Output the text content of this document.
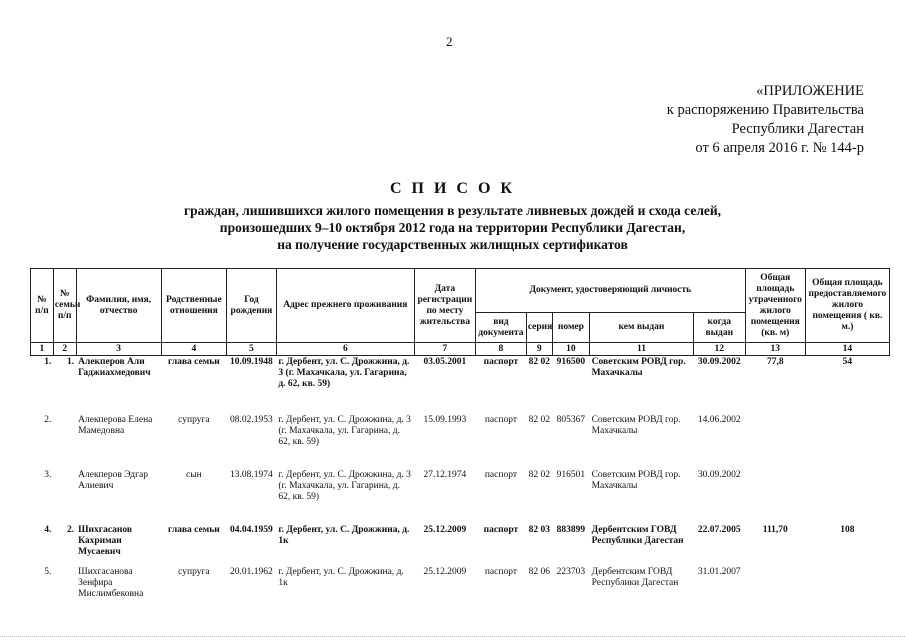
2
«ПРИЛОЖЕНИЕ
к распоряжению Правительства
Республики Дагестан
от 6 апреля 2016 г. № 144-р
С П И С О К
граждан, лишившихся жилого помещения в результате ливневых дождей и схода селей,
произошедших 9–10 октября 2012 года на территории Республики Дагестан,
на получение государственных жилищных сертификатов
№ п/п	№ семьи п/п	Фамилия, имя, отчество	Родственные отношения	Год рождения	Адрес прежнего проживания	Дата регистрации по месту жительства	Документ, удостоверяющий личность					Общая площадь утраченного жилого помещения (кв. м)	Общая площадь предоставляемого жилого помещения ( кв. м.)
							вид документа	серия	номер	кем выдан	когда выдан		
1	2	3	4	5	6	7	8	9	10	11	12	13	14
1.	1.	Алекперов Али Гаджиахмедович	глава семьи	10.09.1948	г. Дербент, ул. С. Дрожжина, д. 3 (г. Махачкала, ул. Гагарина, д. 62, кв. 59)	03.05.2001	паспорт	82 02	916500	Советским РОВД гор. Махачкалы	30.09.2002	77,8	54
2.		Алекперова Елена Мамедовна	супруга	08.02.1953	г. Дербент, ул. С. Дрожжина, д. 3 (г. Махачкала, ул. Гагарина, д. 62, кв. 59)	15.09.1993	паспорт	82 02	805367	Советским РОВД гор. Махачкалы	14.06.2002		
3.		Алекперов Эдгар Алиевич	сын	13.08.1974	г. Дербент, ул. С. Дрожжина, д. 3 (г. Махачкала, ул. Гагарина, д. 62, кв. 59)	27.12.1974	паспорт	82 02	916501	Советским РОВД гор. Махачкалы	30.09.2002		
4.	2.	Шихгасанов Кахриман Мусаевич	глава семьи	04.04.1959	г. Дербент, ул. С. Дрожжина, д. 1к	25.12.2009	паспорт	82 03	883899	Дербентским ГОВД Республики Дагестан	22.07.2005	111,70	108
5.		Шихгасанова Зенфира Мислимбековна	супруга	20.01.1962	г. Дербент, ул. С. Дрожжина, д. 1к	25.12.2009	паспорт	82 06	223703	Дербентским ГОВД Республики Дагестан	31.01.2007		
